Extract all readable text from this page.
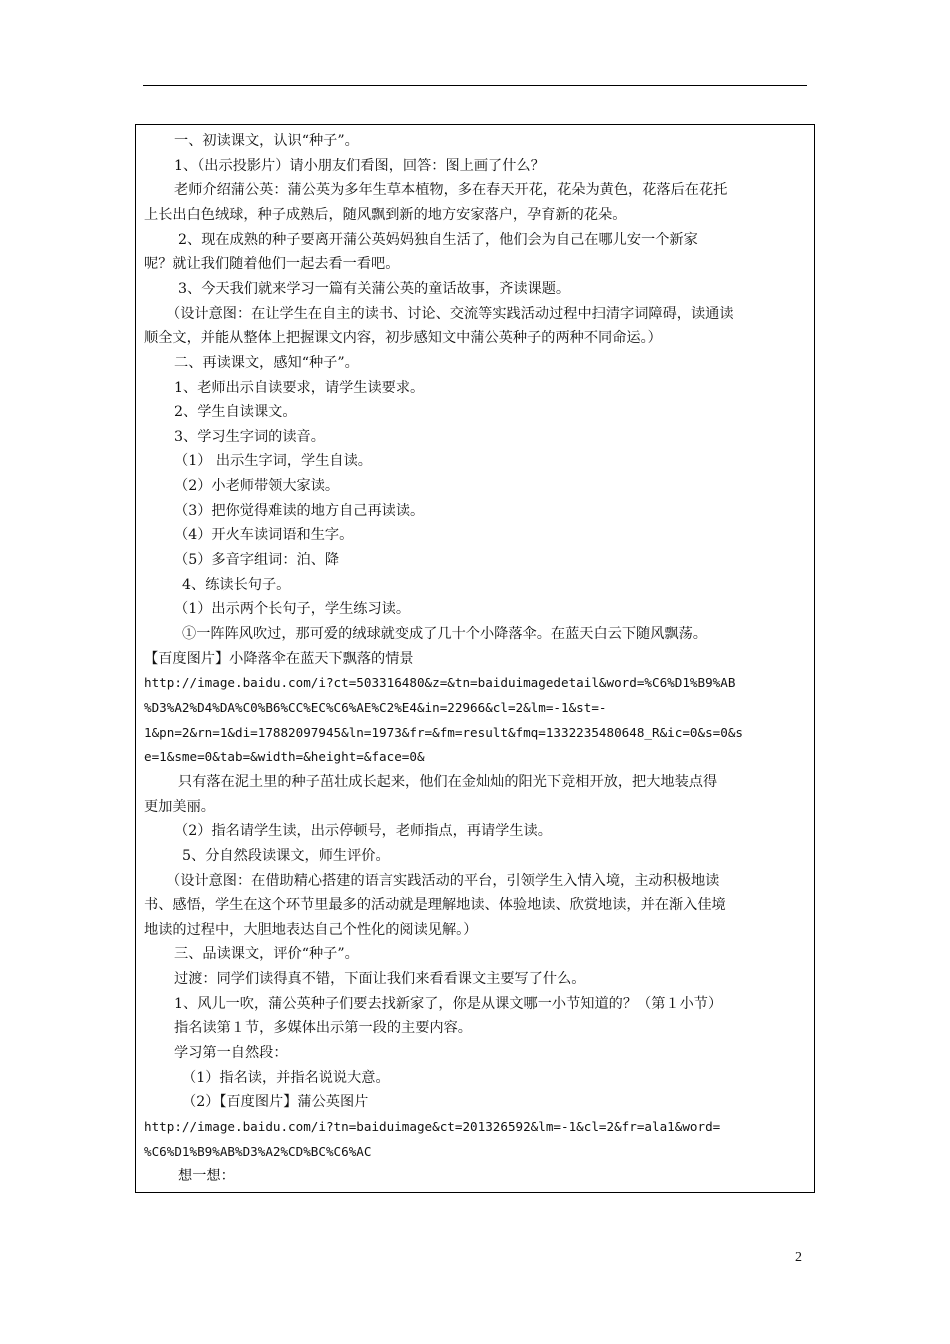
一、初读课文，认识“种子”。
1、（出示投影片）请小朋友们看图，回答：图上画了什么？
老师介绍蒲公英：蒲公英为多年生草本植物，多在春天开花，花朵为黄色，花落后在花托
上长出白色绒球，种子成熟后，随风飘到新的地方安家落户，孕育新的花朵。
2、现在成熟的种子要离开蒲公英妈妈独自生活了，他们会为自己在哪儿安一个新家
呢？就让我们随着他们一起去看一看吧。
3、今天我们就来学习一篇有关蒲公英的童话故事，齐读课题。
（设计意图：在让学生在自主的读书、讨论、交流等实践活动过程中扫清字词障碍，读通读
顺全文，并能从整体上把握课文内容，初步感知文中蒲公英种子的两种不同命运。）
二、再读课文，感知“种子”。
1、老师出示自读要求，请学生读要求。
2、学生自读课文。
3、学习生字词的读音。
（1） 出示生字词，学生自读。
（2）小老师带领大家读。
（3）把你觉得难读的地方自己再读读。
（4）开火车读词语和生字。
（5）多音字组词：泊、降
4、练读长句子。
（1）出示两个长句子，学生练习读。
①一阵阵风吹过，那可爱的绒球就变成了几十个小降落伞。在蓝天白云下随风飘荡。
【百度图片】小降落伞在蓝天下飘落的情景
http://image.baidu.com/i?ct=503316480&z=&tn=baiduimagedetail&word=%C6%D1%B9%AB
%D3%A2%D4%DA%C0%B6%CC%EC%C6%AE%C2%E4&in=22966&cl=2&lm=-1&st=-
1&pn=2&rn=1&di=17882097945&ln=1973&fr=&fm=result&fmq=1332235480648_R&ic=0&s=0&s
e=1&sme=0&tab=&width=&height=&face=0&
只有落在泥土里的种子茁壮成长起来，他们在金灿灿的阳光下竞相开放，把大地装点得
更加美丽。
（2）指名请学生读，出示停顿号，老师指点，再请学生读。
5、分自然段读课文，师生评价。
（设计意图：在借助精心搭建的语言实践活动的平台，引领学生入情入境，主动积极地读
书、感悟，学生在这个环节里最多的活动就是理解地读、体验地读、欣赏地读，并在渐入佳境
地读的过程中，大胆地表达自己个性化的阅读见解。）
三、品读课文，评价“种子”。
过渡：同学们读得真不错，下面让我们来看看课文主要写了什么。
1、风儿一吹，蒲公英种子们要去找新家了，你是从课文哪一小节知道的？（第１小节）
指名读第１节，多媒体出示第一段的主要内容。
学习第一自然段：
（1）指名读，并指名说说大意。
（2）【百度图片】蒲公英图片
http://image.baidu.com/i?tn=baiduimage&ct=201326592&lm=-1&cl=2&fr=ala1&word=
%C6%D1%B9%AB%D3%A2%CD%BC%C6%AC
想一想：
2
